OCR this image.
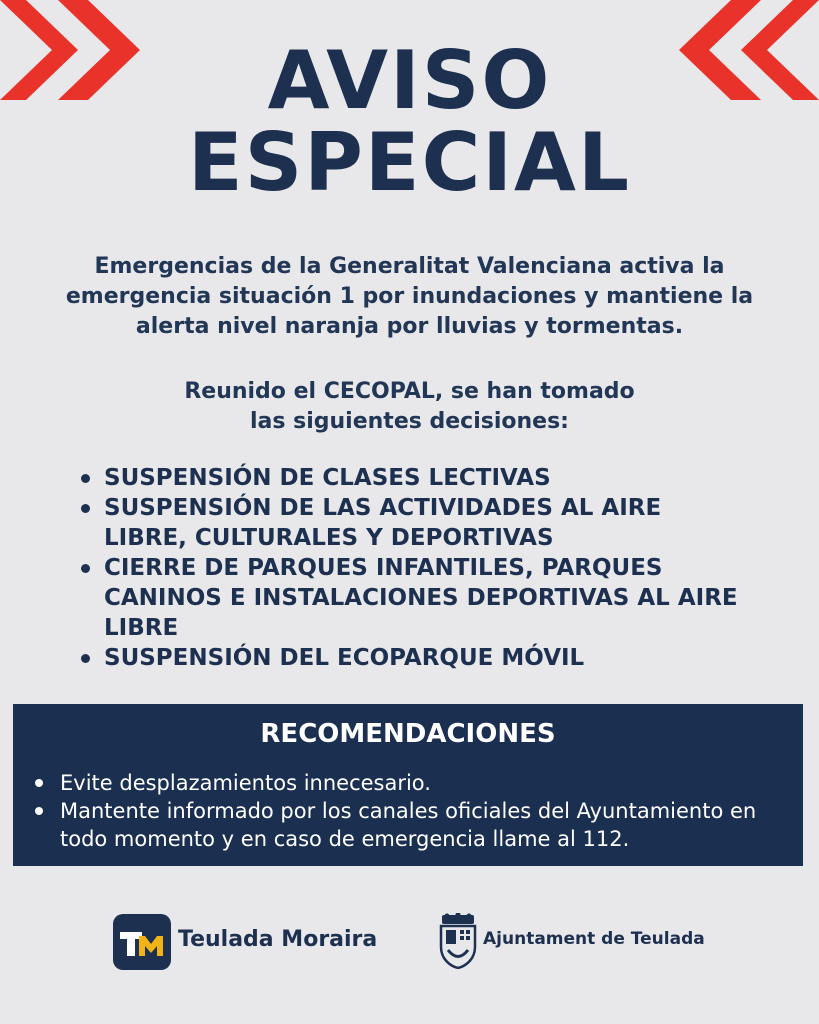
AVISO
ESPECIAL
Emergencias de la Generalitat Valenciana activa la emergencia situación 1 por inundaciones y mantiene la alerta nivel naranja por lluvias y tormentas.
Reunido el CECOPAL, se han tomado
las siguientes decisiones:
SUSPENSIÓN DE CLASES LECTIVAS
SUSPENSIÓN DE LAS ACTIVIDADES AL AIRE LIBRE, CULTURALES Y DEPORTIVAS
CIERRE DE PARQUES INFANTILES, PARQUES CANINOS E INSTALACIONES DEPORTIVAS AL AIRE LIBRE
SUSPENSIÓN DEL ECOPARQUE MÓVIL
RECOMENDACIONES
Evite desplazamientos innecesario.
Mantente informado por los canales oficiales del Ayuntamiento en todo momento y en caso de emergencia llame al 112.
Teulada Moraira	Ajuntament de Teulada
